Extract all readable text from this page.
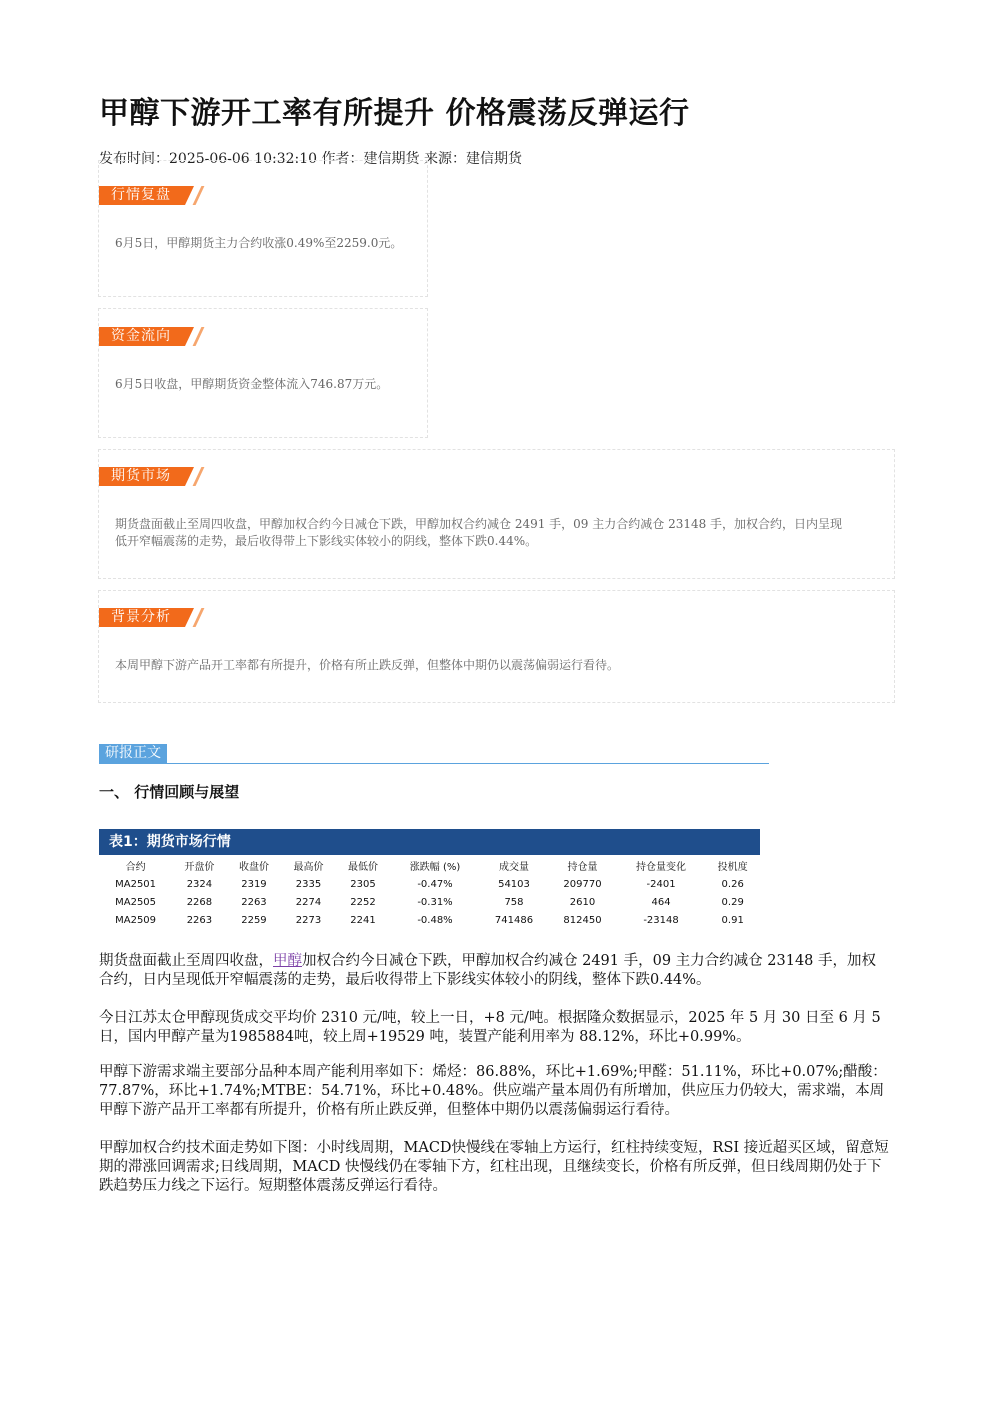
甲醇下游开工率有所提升 价格震荡反弹运行
发布时间：2025-06-06 10:32:10 作者：建信期货 来源：建信期货
行情复盘
6月5日，甲醇期货主力合约收涨0.49%至2259.0元。
资金流向
6月5日收盘，甲醇期货资金整体流入746.87万元。
期货市场
期货盘面截止至周四收盘，甲醇加权合约今日减仓下跌，甲醇加权合约减仓 2491 手，09 主力合约减仓 23148 手，加权合约，日内呈现低开窄幅震荡的走势，最后收得带上下影线实体较小的阴线，整体下跌0.44%。
背景分析
本周甲醇下游产品开工率都有所提升，价格有所止跌反弹，但整体中期仍以震荡偏弱运行看待。
研报正文
一、 行情回顾与展望
表1：期货市场行情
合约	开盘价	收盘价	最高价	最低价	涨跌幅 (%)	成交量	持仓量	持仓量变化	投机度
MA2501	2324	2319	2335	2305	-0.47%	54103	209770	-2401	0.26
MA2505	2268	2263	2274	2252	-0.31%	758	2610	464	0.29
MA2509	2263	2259	2273	2241	-0.48%	741486	812450	-23148	0.91

期货盘面截止至周四收盘，甲醇加权合约今日减仓下跌，甲醇加权合约减仓 2491 手，09 主力合约减仓 23148 手，加权合约，日内呈现低开窄幅震荡的走势，最后收得带上下影线实体较小的阴线，整体下跌0.44%。

今日江苏太仓甲醇现货成交平均价 2310 元/吨，较上一日，+8 元/吨。根据隆众数据显示，2025 年 5 月 30 日至 6 月 5 日，国内甲醇产量为1985884吨，较上周+19529 吨，装置产能利用率为 88.12%，环比+0.99%。

甲醇下游需求端主要部分品种本周产能利用率如下：烯烃：86.88%，环比+1.69%;甲醛：51.11%，环比+0.07%;醋酸：77.87%，环比+1.74%;MTBE：54.71%，环比+0.48%。供应端产量本周仍有所增加，供应压力仍较大，需求端，本周甲醇下游产品开工率都有所提升，价格有所止跌反弹，但整体中期仍以震荡偏弱运行看待。

甲醇加权合约技术面走势如下图：小时线周期，MACD快慢线在零轴上方运行，红柱持续变短，RSI 接近超买区域，留意短期的滞涨回调需求;日线周期，MACD 快慢线仍在零轴下方，红柱出现，且继续变长，价格有所反弹，但日线周期仍处于下跌趋势压力线之下运行。短期整体震荡反弹运行看待。
